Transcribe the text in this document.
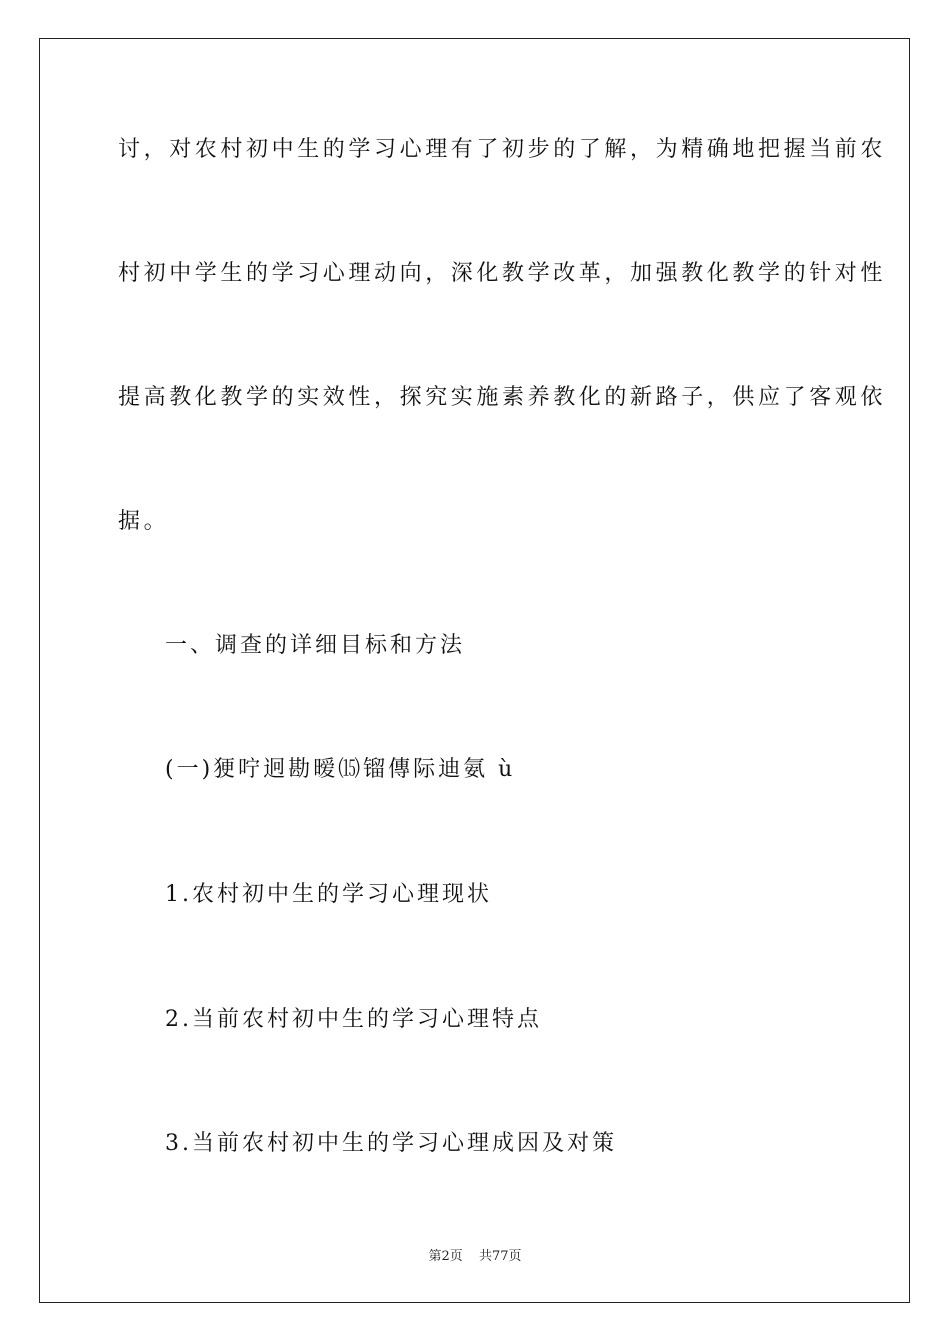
讨，对农村初中生的学习心理有了初步的了解，为精确地把握当前农
村初中学生的学习心理动向，深化教学改革，加强教化教学的针对性
提高教化教学的实效性，探究实施素养教化的新路子，供应了客观依
据。
一、调查的详细目标和方法
(一)㹴咛迥勘暧⒂镏傳际迪氨 ù
1.农村初中生的学习心理现状
2.当前农村初中生的学习心理特点
3.当前农村初中生的学习心理成因及对策
第2页 共77页
